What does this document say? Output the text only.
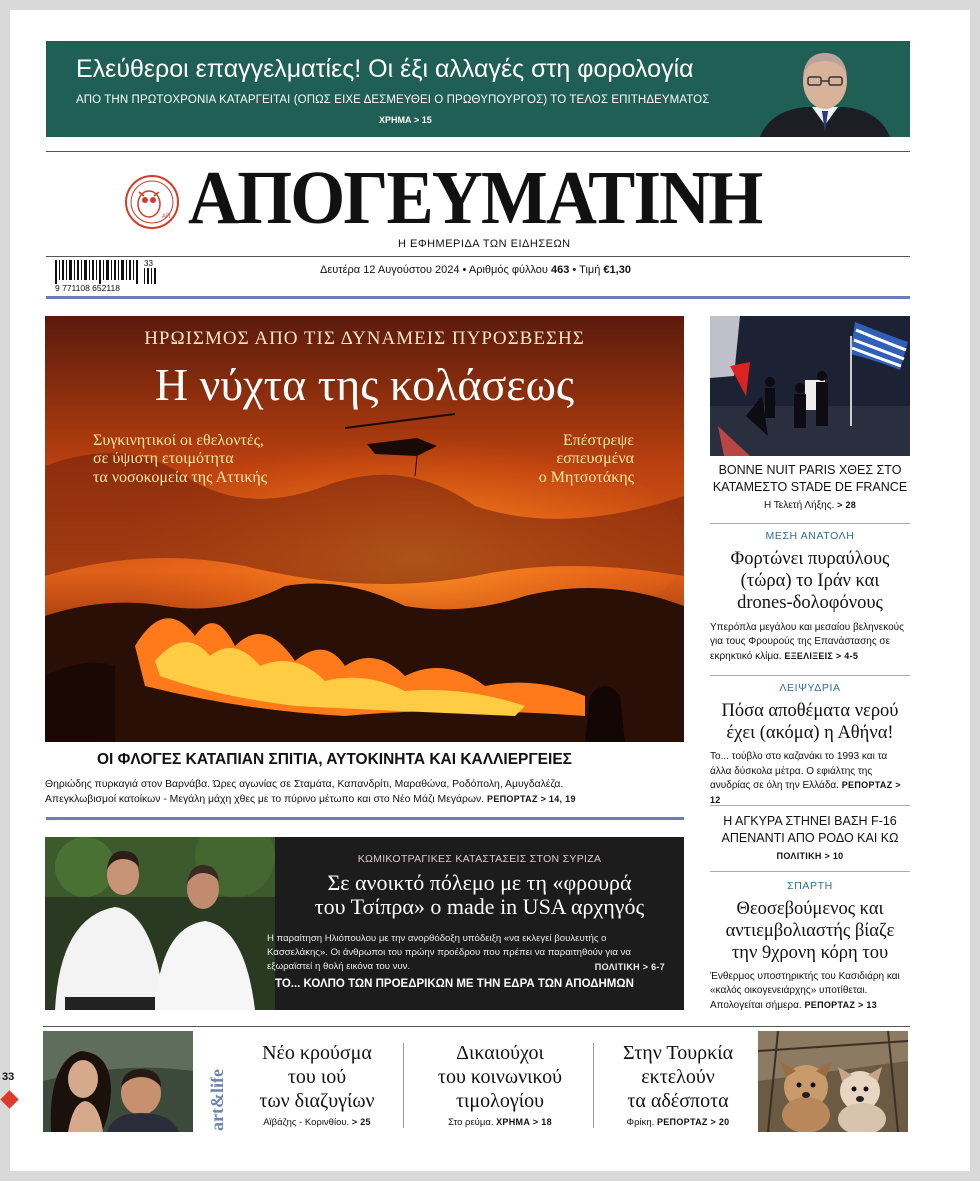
Ελεύθεροι επαγγελματίες! Οι έξι αλλαγές στη φορολογία
ΑΠΟ ΤΗΝ ΠΡΩΤΟΧΡΟΝΙΑ ΚΑΤΑΡΓΕΙΤΑΙ (ΟΠΩΣ ΕΙΧΕ ΔΕΣΜΕΥΘΕΙ Ο ΠΡΩΘΥΠΟΥΡΓΟΣ) ΤΟ ΤΕΛΟΣ ΕΠΙΤΗΔΕΥΜΑΤΟΣ
ΧΡΗΜΑ > 15
ΑΠ ΑΠΟΓΕΥΜΑΤΙΝΗ
Η ΕΦΗΜΕΡΙΔΑ ΤΩΝ ΕΙΔΗΣΕΩΝ
9 771108 652118
33
Δευτέρα 12 Αυγούστου 2024 • Αριθμός φύλλου 463 • Τιμή €1,30
ΗΡΩΙΣΜΟΣ ΑΠΟ ΤΙΣ ΔΥΝΑΜΕΙΣ ΠΥΡΟΣΒΕΣΗΣ
Η νύχτα της κολάσεως
Συγκινητικοί οι εθελοντές,
σε ύψιστη ετοιμότητα
τα νοσοκομεία της Αττικής
Επέστρεψε
εσπευσμένα
ο Μητσοτάκης
ΟΙ ΦΛΟΓΕΣ ΚΑΤΑΠΙΑΝ ΣΠΙΤΙΑ, ΑΥΤΟΚΙΝΗΤΑ ΚΑΙ ΚΑΛΛΙΕΡΓΕΙΕΣ
Θηριώδης πυρκαγιά στον Βαρνάβα. Ώρες αγωνίας σε Σταμάτα, Καπανδρίτι, Μαραθώνα, Ροδόπολη, Αμυγδαλέζα.
Απεγκλωβισμοί κατοίκων - Μεγάλη μάχη χθες με το πύρινο μέτωπο και στο Νέο Μάζι Μεγάρων. ΡΕΠΟΡΤΑΖ > 14, 19
BONNE NUIT PARIS ΧΘΕΣ ΣΤΟ
ΚΑΤΑΜΕΣΤΟ STADE DE FRANCE
Η Τελετή Λήξης. > 28
ΜΕΣΗ ΑΝΑΤΟΛΗ
Φορτώνει πυραύλους
(τώρα) το Ιράν και
drones-δολοφόνους
Υπερόπλα μεγάλου και μεσαίου βεληνεκούς για τους Φρουρούς της Επανάστασης σε εκρηκτικό κλίμα. ΕΞΕΛΙΞΕΙΣ > 4-5
ΛΕΙΨΥΔΡΙΑ
Πόσα αποθέματα νερού
έχει (ακόμα) η Αθήνα!
Το... τούβλο στο καζανάκι το 1993 και τα άλλα δύσκολα μέτρα. Ο εφιάλτης της ανυδρίας σε όλη την Ελλάδα. ΡΕΠΟΡΤΑΖ > 12
Η ΑΓΚΥΡΑ ΣΤΗΝΕΙ ΒΑΣΗ F-16
ΑΠΕΝΑΝΤΙ ΑΠΟ ΡΟΔΟ ΚΑΙ ΚΩ
ΠΟΛΙΤΙΚΗ > 10
ΣΠΑΡΤΗ
Θεοσεβούμενος και
αντιεμβολιαστής βίαζε
την 9χρονη κόρη του
Ένθερμος υποστηρικτής του Κασιδιάρη και «καλός οικογενειάρχης» υποτίθεται. Απολογείται σήμερα. ΡΕΠΟΡΤΑΖ > 13
ΚΩΜΙΚΟΤΡΑΓΙΚΕΣ ΚΑΤΑΣΤΑΣΕΙΣ ΣΤΟΝ ΣΥΡΙΖΑ
Σε ανοικτό πόλεμο με τη «φρουρά
του Τσίπρα» ο made in USA αρχηγός
Η παραίτηση Ηλιόπουλου με την ανορθόδοξη υπόδειξη «να εκλεγεί βουλευτής ο Κασσελάκης». Οι άνθρωποι του πρώην προέδρου που πρέπει να παραιτηθούν για να εξωραϊστεί η θολή εικόνα του νυν.	ΠΟΛΙΤΙΚΗ > 6-7
ΤΟ... ΚΟΛΠΟ ΤΩΝ ΠΡΟΕΔΡΙΚΩΝ ΜΕ ΤΗΝ ΕΔΡΑ ΤΩΝ ΑΠΟΔΗΜΩΝ
art&life
Νέο κρούσμα
του ιού
των διαζυγίων
Αϊβάζης - Κορινθίου. > 25
Δικαιούχοι
του κοινωνικού
τιμολογίου
Στο ρεύμα. ΧΡΗΜΑ > 18
Στην Τουρκία
εκτελούν
τα αδέσποτα
Φρίκη. ΡΕΠΟΡΤΑΖ > 20
33
